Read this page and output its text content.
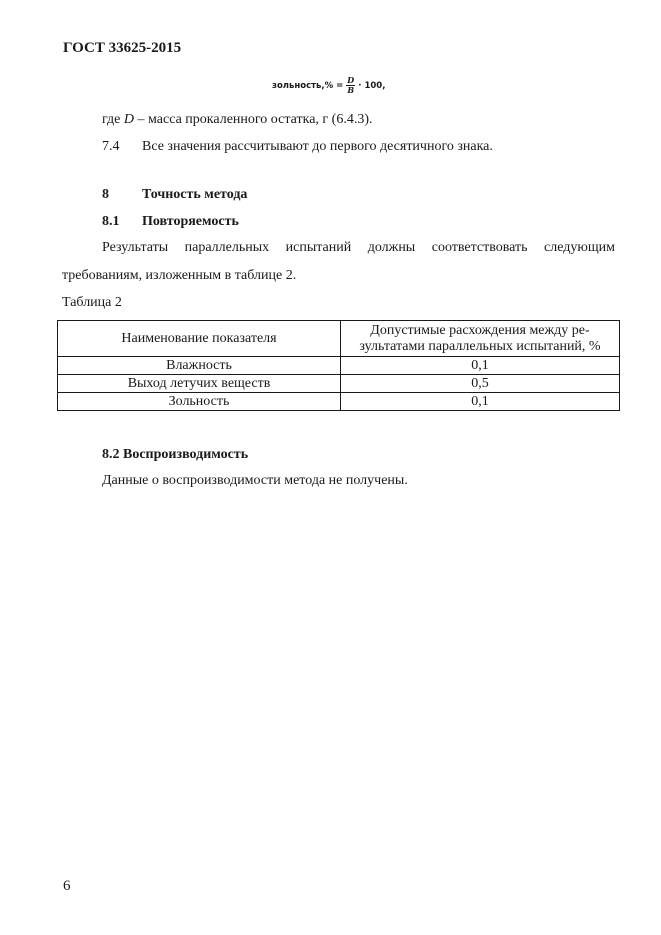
ГОСТ 33625-2015
зольность,% = $\frac{D}{B} \cdot 100$,
где D – масса прокаленного остатка, г (6.4.3).
7.4 Все значения рассчитывают до первого десятичного знака.
8 Точность метода
8.1 Повторяемость
Результаты параллельных испытаний должны соответствовать следующим
требованиям, изложенным в таблице 2.
Таблица 2
Наименование показателя	Допустимые расхождения между ре-
зультатами параллельных испытаний, %
Влажность	0,1
Выход летучих веществ	0,5
Зольность	0,1
8.2 Воспроизводимость
Данные о воспроизводимости метода не получены.
6
